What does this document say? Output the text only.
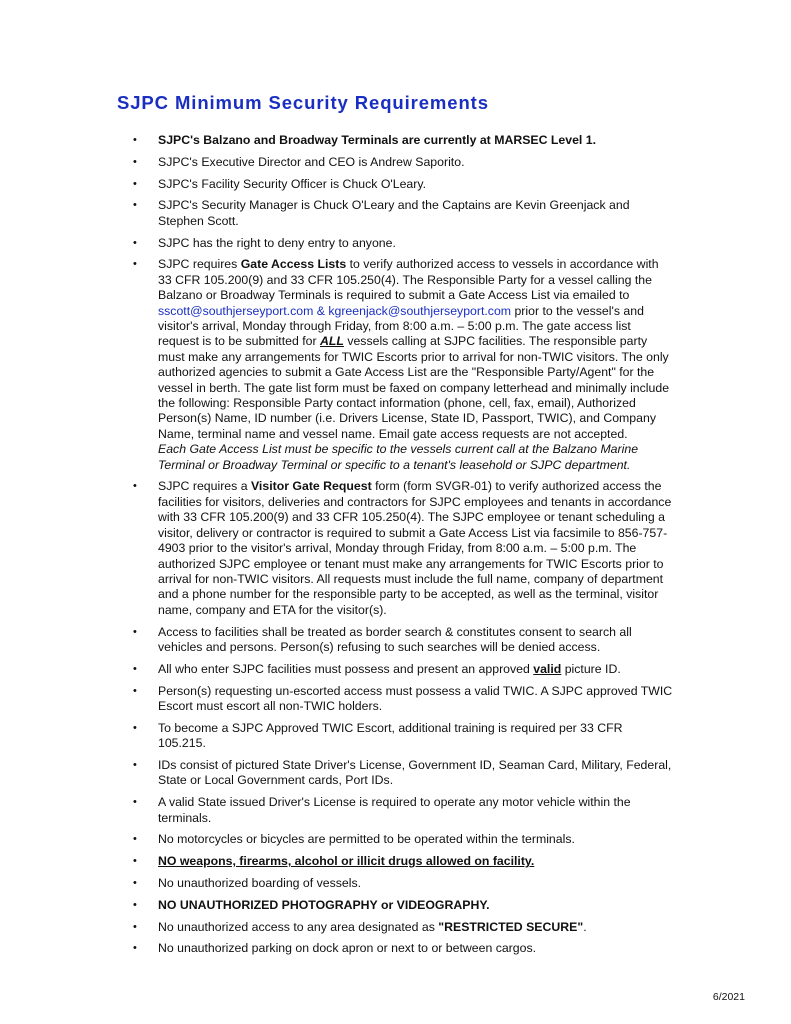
SJPC Minimum Security Requirements
• SJPC's Balzano and Broadway Terminals are currently at MARSEC Level 1.
• SJPC's Executive Director and CEO is Andrew Saporito.
• SJPC's Facility Security Officer is Chuck O'Leary.
• SJPC's Security Manager is Chuck O'Leary and the Captains are Kevin Greenjack and Stephen Scott.
• SJPC has the right to deny entry to anyone.
• SJPC requires Gate Access Lists to verify authorized access to vessels in accordance with 33 CFR 105.200(9) and 33 CFR 105.250(4). The Responsible Party for a vessel calling the Balzano or Broadway Terminals is required to submit a Gate Access List via emailed to sscott@southjerseyport.com & kgreenjack@southjerseyport.com prior to the vessel's and visitor's arrival, Monday through Friday, from 8:00 a.m. – 5:00 p.m. The gate access list request is to be submitted for ALL vessels calling at SJPC facilities. The responsible party must make any arrangements for TWIC Escorts prior to arrival for non-TWIC visitors. The only authorized agencies to submit a Gate Access List are the "Responsible Party/Agent" for the vessel in berth. The gate list form must be faxed on company letterhead and minimally include the following: Responsible Party contact information (phone, cell, fax, email), Authorized Person(s) Name, ID number (i.e. Drivers License, State ID, Passport, TWIC), and Company Name, terminal name and vessel name. Email gate access requests are not accepted.
Each Gate Access List must be specific to the vessels current call at the Balzano Marine Terminal or Broadway Terminal or specific to a tenant's leasehold or SJPC department.
• SJPC requires a Visitor Gate Request form (form SVGR-01) to verify authorized access the facilities for visitors, deliveries and contractors for SJPC employees and tenants in accordance with 33 CFR 105.200(9) and 33 CFR 105.250(4). The SJPC employee or tenant scheduling a visitor, delivery or contractor is required to submit a Gate Access List via facsimile to 856-757-4903 prior to the visitor's arrival, Monday through Friday, from 8:00 a.m. – 5:00 p.m. The authorized SJPC employee or tenant must make any arrangements for TWIC Escorts prior to arrival for non-TWIC visitors. All requests must include the full name, company of department and a phone number for the responsible party to be accepted, as well as the terminal, visitor name, company and ETA for the visitor(s).
• Access to facilities shall be treated as border search & constitutes consent to search all vehicles and persons. Person(s) refusing to such searches will be denied access.
• All who enter SJPC facilities must possess and present an approved valid picture ID.
• Person(s) requesting un-escorted access must possess a valid TWIC. A SJPC approved TWIC Escort must escort all non-TWIC holders.
• To become a SJPC Approved TWIC Escort, additional training is required per 33 CFR 105.215.
• IDs consist of pictured State Driver's License, Government ID, Seaman Card, Military, Federal, State or Local Government cards, Port IDs.
• A valid State issued Driver's License is required to operate any motor vehicle within the terminals.
• No motorcycles or bicycles are permitted to be operated within the terminals.
• NO weapons, firearms, alcohol or illicit drugs allowed on facility.
• No unauthorized boarding of vessels.
• NO UNAUTHORIZED PHOTOGRAPHY or VIDEOGRAPHY.
• No unauthorized access to any area designated as "RESTRICTED SECURE".
• No unauthorized parking on dock apron or next to or between cargos.
6/2021
